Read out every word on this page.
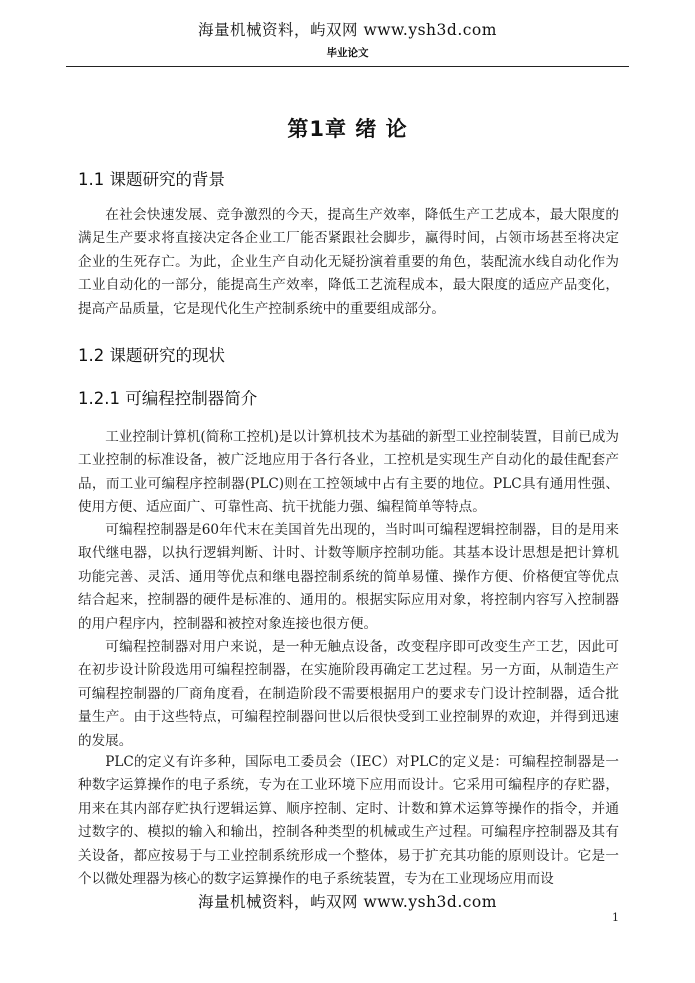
海量机械资料，屿双网 www.ysh3d.com
毕业论文
第1章 绪 论
1.1 课题研究的背景

在社会快速发展、竞争激烈的今天，提高生产效率，降低生产工艺成本，最大限度的满足生产要求将直接决定各企业工厂能否紧跟社会脚步，赢得时间，占领市场甚至将决定企业的生死存亡。为此，企业生产自动化无疑扮演着重要的角色，装配流水线自动化作为工业自动化的一部分，能提高生产效率，降低工艺流程成本，最大限度的适应产品变化，提高产品质量，它是现代化生产控制系统中的重要组成部分。

1.2 课题研究的现状
1.2.1 可编程控制器简介

工业控制计算机(简称工控机)是以计算机技术为基础的新型工业控制装置，目前已成为工业控制的标准设备，被广泛地应用于各行各业，工控机是实现生产自动化的最佳配套产品，而工业可编程序控制器(PLC)则在工控领域中占有主要的地位。PLC具有通用性强、使用方便、适应面广、可靠性高、抗干扰能力强、编程简单等特点。

可编程控制器是60年代末在美国首先出现的，当时叫可编程逻辑控制器，目的是用来取代继电器，以执行逻辑判断、计时、计数等顺序控制功能。其基本设计思想是把计算机功能完善、灵活、通用等优点和继电器控制系统的简单易懂、操作方便、价格便宜等优点结合起来，控制器的硬件是标准的、通用的。根据实际应用对象，将控制内容写入控制器的用户程序内，控制器和被控对象连接也很方便。

可编程控制器对用户来说，是一种无触点设备，改变程序即可改变生产工艺，因此可在初步设计阶段选用可编程控制器，在实施阶段再确定工艺过程。另一方面，从制造生产可编程控制器的厂商角度看，在制造阶段不需要根据用户的要求专门设计控制器，适合批量生产。由于这些特点，可编程控制器问世以后很快受到工业控制界的欢迎，并得到迅速的发展。

PLC的定义有许多种，国际电工委员会（IEC）对PLC的定义是：可编程控制器是一种数字运算操作的电子系统，专为在工业环境下应用而设计。它采用可编程序的存贮器，用来在其内部存贮执行逻辑运算、顺序控制、定时、计数和算术运算等操作的指令，并通过数字的、模拟的输入和输出，控制各种类型的机械或生产过程。可编程序控制器及其有关设备，都应按易于与工业控制系统形成一个整体，易于扩充其功能的原则设计。它是一个以微处理器为核心的数字运算操作的电子系统装置，专为在工业现场应用而设

海量机械资料，屿双网 www.ysh3d.com
1
